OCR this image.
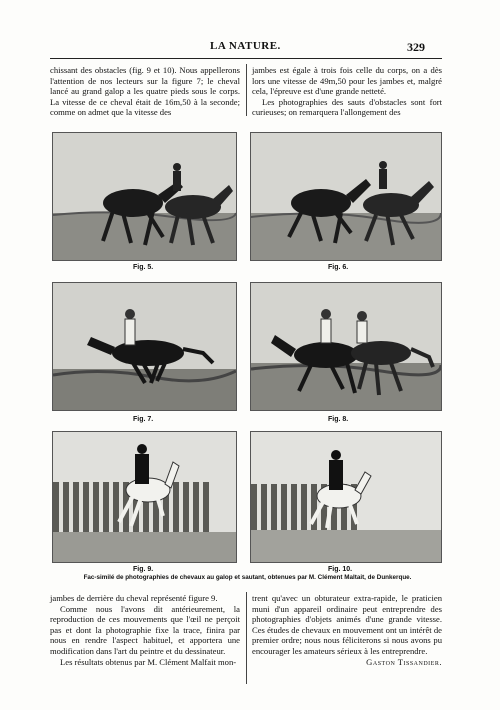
LA NATURE.	329

chissant des obstacles (fig. 9 et 10). Nous appellerons l'attention de nos lecteurs sur la figure 7; le cheval lancé au grand galop a les quatre pieds sous le corps. La vitesse de ce cheval était de 16m,50 à la seconde; comme on admet que la vitesse des

jambes est égale à trois fois celle du corps, on a dès lors une vitesse de 49m,50 pour les jambes et, malgré cela, l'épreuve est d'une grande netteté.

Les photographies des sauts d'obstacles sont fort curieuses; on remarquera l'allongement des

Fig. 5.	Fig. 6.
Fig. 7.	Fig. 8.
Fig. 9.	Fig. 10.
Fac-similé de photographies de chevaux au galop et sautant, obtenues par M. Clément Maltait, de Dunkerque.

jambes de derrière du cheval représenté figure 9.

Comme nous l'avons dit antérieurement, la reproduction de ces mouvements que l'œil ne perçoit pas et dont la photographie fixe la trace, finira par nous en rendre l'aspect habituel, et apportera une modification dans l'art du peintre et du dessinateur.

Les résultats obtenus par M. Clément Malfait mon-

trent qu'avec un obturateur extra-rapide, le praticien muni d'un appareil ordinaire peut entreprendre des photographies d'objets animés d'une grande vitesse. Ces études de chevaux en mouvement ont un intérêt de premier ordre; nous nous féliciterons si nous avons pu encourager les amateurs sérieux à les entreprendre.
Gaston Tissandier.
